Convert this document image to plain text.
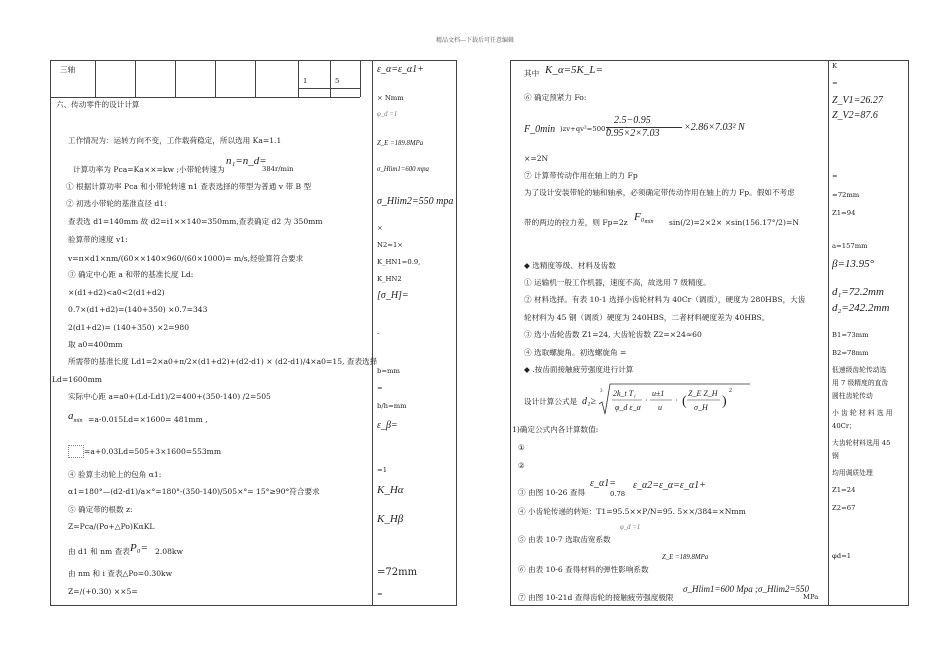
精品文档---下载后可任意编辑
三轴
1	5
六、传动零件的设计计算
工作情况为：运转方向不变，工作载荷稳定，所以选用 Ka=1.1
计算功率为 Pca=Ka××=kw ;小带轮转速为
n₁=n_d=
384r/min
① 根据计算功率 Pca 和小带轮转速 n1 查表选择的带型为普通 v 带 B 型
② 初选小带轮的基准直径 d1:
查表选 d1=140mm 故 d2=i1××140=350mm,查表确定 d2 为 350mm
验算带的速度 v1:
v=π×d1×nm/(60××140×960/(60×1000)= m/s,经验算符合要求
③ 确定中心距 a 和带的基准长度 Ld:
×(d1+d2)<a0<2(d1+d2)
0.7×(d1+d2)=(140+350) ×0.7=343
2(d1+d2)= (140+350) ×2=980
取 a0=400mm
所需带的基准长度 Ld1=2×a0+π/2×(d1+d2)+(d2-d1) × (d2-d1)/4×a0=15, 查表选择
Ld=1600mm
实际中心距 a=a0+(Ld-Ld1)/2=400+(350-140) /2=505
$a_{min} =a-0.015Ld=\times 1600= 481mm$ ,
=a+0.03Ld=505+3×1600=553mm
④ 验算主动轮上的包角 α1:
α1=180°—(d2-d1)/a×°=180°-(350-140)/505×°= 15°≥90°符合要求
⑤ 确定带的根数 z:
Z=Pca/(Po+△Po)KαKL
由 d1 和 nm 查表 P₀= 2.08kw
由 nm 和 i 查表△Po=0.30kw
Z=/(+0.30) ××5=
ε_α=ε_α1+
× Nmm
φ_d =1
Z_E =189.8MPa
σ_Hlim1=600 mpa
σ_Hlim2=550 mpa
×
N2=1×
K_HN1=0.9,
K_HN2
[σ_H]=
-
b=mm
=
b/h=mm
ε_β=
=1
K_Hα
K_Hβ
=72mm
=
其中 K_α=5K_L=
⑥ 确定预紧力 Fo:
F_0min )zv+qv²=500×
2.5−0.95
0.95×2×7.03
×2.86×7.03² N
×=2N
⑦ 计算带传动作用在轴上的力 Fp
为了设计安装带轮的轴和轴承，必须确定带传动作用在轴上的力 Fp。假如不考虑
带的两边的拉力差，则 Fp=2z $F_0_{min}$ sin(/2)=2×2× ×sin(156.17°/2)=N
◆ 选精度等级、材料及齿数
① 运输机一般工作机器，速度不高，故选用 7 级精度。
② 材料选择。有表 10-1 选择小齿轮材料为 40Cr（调质），硬度为 280HBS，大齿
轮材料为 45 钢（调质）硬度为 240HBS，二者材料硬度差为 40HBS。
③ 选小齿轮齿数 Z1=24, 大齿轮齿数 Z2=×24≈60
④ 选取螺旋角。初选螺旋角 =
◆ .按齿面接触疲劳强度进行计算
设计计算公式是 d₁≥
3 2k_t T₁
φ_d ε_α
·
u±1
u
· (
Z_E Z_H
σ_H )
2
1)确定公式内各计算数值:
①
②
③ 由图 10-26 查得
ε_α1=
0.78
ε_α2=ε_α=ε_α1+
④ 小齿轮传递的转矩：T1=95.5××P/N=95. 5××/384=×Nmm
φ_d =1
⑤ 由表 10-7 选取齿宽系数
Z_E =189.8MPa
⑥ 由表 10-6 查得材料的弹性影响系数
σ_Hlim1=600 Mpa ;σ_Hlim2=550
MPa
⑦ 由图 10-21d 查得齿轮的接触疲劳强度极限
K
=
Z_V1=26.27
Z_V2=87.6
=
=72mm
Z1=94
a=157mm
β=13.95°
d₁=72.2mm
d₂=242.2mm
B1=73mm
B2=78mm
低速级齿轮传动选
用 7 级精度的直齿
圆柱齿轮传动
小 齿 轮 材 料 选 用
40Cr；
大齿轮材料选用 45
钢
均用调质处理
Z1=24
Z2=67
φd=1
